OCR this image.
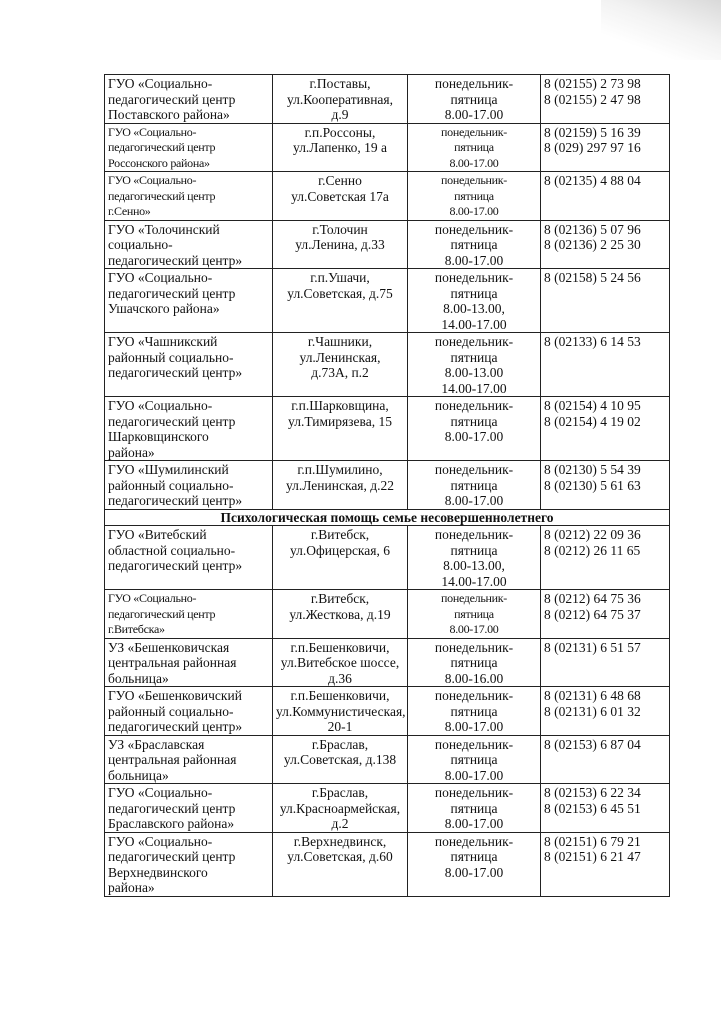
ГУО «Социально-
педагогический центр
Поставского района»	г.Поставы,
ул.Кооперативная,
д.9	понедельник-
пятница
8.00-17.00	8 (02155) 2 73 98
8 (02155) 2 47 98

ГУО «Социально-
педагогический центр
Россонского района»	г.п.Россоны,
ул.Лапенко, 19 а	понедельник-
пятница
8.00-17.00	8 (02159) 5 16 39
8 (029) 297 97 16

ГУО «Социально-
педагогический центр
г.Сенно»	г.Сенно
ул.Советская 17а	понедельник-
пятница
8.00-17.00	8 (02135) 4 88 04

ГУО «Толочинский
социально-
педагогический центр»	г.Толочин
ул.Ленина, д.33	понедельник-
пятница
8.00-17.00	8 (02136) 5 07 96
8 (02136) 2 25 30

ГУО «Социально-
педагогический центр
Ушачского района»	г.п.Ушачи,
ул.Советская, д.75	понедельник-
пятница
8.00-13.00,
14.00-17.00	8 (02158) 5 24 56

ГУО «Чашникский
районный социально-
педагогический центр»	г.Чашники,
ул.Ленинская,
д.73А, п.2	понедельник-
пятница
8.00-13.00
14.00-17.00	8 (02133) 6 14 53

ГУО «Социально-
педагогический центр
Шарковщинского
района»	г.п.Шарковщина,
ул.Тимирязева, 15	понедельник-
пятница
8.00-17.00	8 (02154) 4 10 95
8 (02154) 4 19 02

ГУО «Шумилинский
районный социально-
педагогический центр»	г.п.Шумилино,
ул.Ленинская, д.22	понедельник-
пятница
8.00-17.00	8 (02130) 5 54 39
8 (02130) 5 61 63

Психологическая помощь семье несовершеннолетнего			

ГУО «Витебский
областной социально-
педагогический центр»	г.Витебск,
ул.Офицерская, 6	понедельник-
пятница
8.00-13.00,
14.00-17.00	8 (0212) 22 09 36
8 (0212) 26 11 65

ГУО «Социально-
педагогический центр
г.Витебска»	г.Витебск,
ул.Жесткова, д.19	понедельник-
пятница
8.00-17.00	8 (0212) 64 75 36
8 (0212) 64 75 37

УЗ «Бешенковичская
центральная районная
больница»	г.п.Бешенковичи,
ул.Витебское шоссе,
д.36	понедельник-
пятница
8.00-16.00	8 (02131) 6 51 57

ГУО «Бешенковичский
районный социально-
педагогический центр»	г.п.Бешенковичи,
ул.Коммунистическая,
20-1	понедельник-
пятница
8.00-17.00	8 (02131) 6 48 68
8 (02131) 6 01 32

УЗ «Браславская
центральная районная
больница»	г.Браслав,
ул.Советская, д.138	понедельник-
пятница
8.00-17.00	8 (02153) 6 87 04

ГУО «Социально-
педагогический центр
Браславского района»	г.Браслав,
ул.Красноармейская,
д.2	понедельник-
пятница
8.00-17.00	8 (02153) 6 22 34
8 (02153) 6 45 51

ГУО «Социально-
педагогический центр
Верхнедвинского
района»	г.Верхнедвинск,
ул.Советская, д.60	понедельник-
пятница
8.00-17.00	8 (02151) 6 79 21
8 (02151) 6 21 47
